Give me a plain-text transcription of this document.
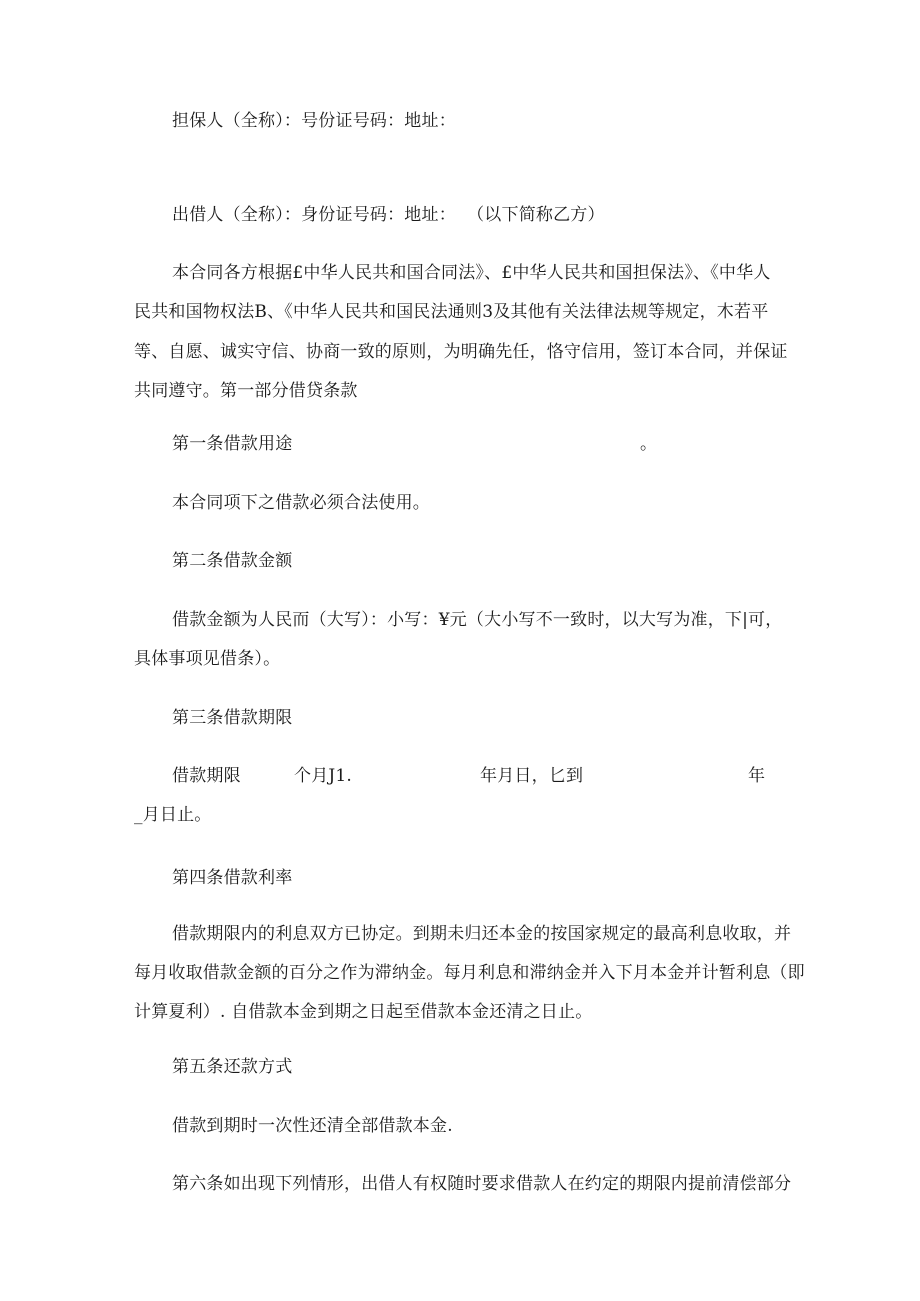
担保人（全称）：号份证号码：地址：
出借人（全称）：身份证号码：地址：  （以下简称乙方）
本合同各方根据£中华人民共和国合同法》、£中华人民共和国担保法》、《中华人
民共和国物权法B、《中华人民共和国民法通则3及其他有关法律法规等规定，木若平
等、自愿、诚实守信、协商一致的原则，为明确先任，恪守信用，签订本合同，并保证
共同遵守。第一部分借贷条款
第一条借款用途	。
本合同项下之借款必须合法使用。
第二条借款金额
借款金额为人民而（大写）：小写：¥元（大小写不一致时，以大写为准，下|可，
具体事项见借条）。
第三条借款期限
借款期限	个月J1.	年月日，匕到	年
_月日止。
第四条借款利率
借款期限内的利息双方已协定。到期未归还本金的按国家规定的最高利息收取，并
每月收取借款金额的百分之作为滞纳金。每月利息和滞纳金并入下月本金并计暂利息（即
计算夏利）. 自借款本金到期之日起至借款本金还清之日止。
第五条还款方式
借款到期时一次性还清全部借款本金.
第六条如出现下列情形，出借人有权随时要求借款人在约定的期限内提前清偿部分
